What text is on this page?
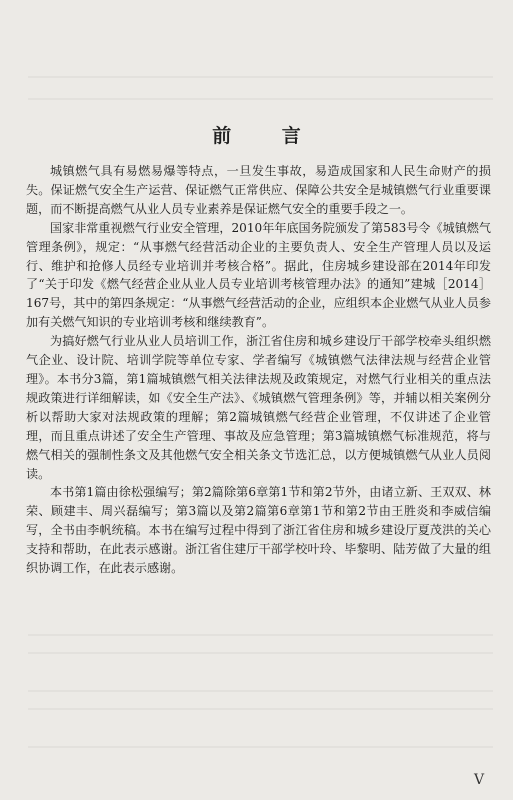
前 言

城镇燃气具有易燃易爆等特点，一旦发生事故，易造成国家和人民生命财产的损失。保证燃气安全生产运营、保证燃气正常供应、保障公共安全是城镇燃气行业重要课题，而不断提高燃气从业人员专业素养是保证燃气安全的重要手段之一。

国家非常重视燃气行业安全管理，2010年年底国务院颁发了第583号令《城镇燃气管理条例》，规定：“从事燃气经营活动企业的主要负责人、安全生产管理人员以及运行、维护和抢修人员经专业培训并考核合格”。据此，住房城乡建设部在2014年印发了“关于印发《燃气经营企业从业人员专业培训考核管理办法》的通知”建城［2014］167号，其中的第四条规定：“从事燃气经营活动的企业，应组织本企业燃气从业人员参加有关燃气知识的专业培训考核和继续教育”。

为搞好燃气行业从业人员培训工作，浙江省住房和城乡建设厅干部学校牵头组织燃气企业、设计院、培训学院等单位专家、学者编写《城镇燃气法律法规与经营企业管理》。本书分3篇，第1篇城镇燃气相关法律法规及政策规定，对燃气行业相关的重点法规政策进行详细解读，如《安全生产法》、《城镇燃气管理条例》等，并辅以相关案例分析以帮助大家对法规政策的理解；第2篇城镇燃气经营企业管理，不仅讲述了企业管理，而且重点讲述了安全生产管理、事故及应急管理；第3篇城镇燃气标准规范，将与燃气相关的强制性条文及其他燃气安全相关条文节选汇总，以方便城镇燃气从业人员阅读。

本书第1篇由徐松强编写；第2篇除第6章第1节和第2节外，由诸立新、王双双、林荣、顾建丰、周兴磊编写；第3篇以及第2篇第6章第1节和第2节由王胜炎和李威信编写，全书由李帆统稿。本书在编写过程中得到了浙江省住房和城乡建设厅夏茂洪的关心支持和帮助，在此表示感谢。浙江省住建厅干部学校叶玲、毕黎明、陆芳做了大量的组织协调工作，在此表示感谢。

V
